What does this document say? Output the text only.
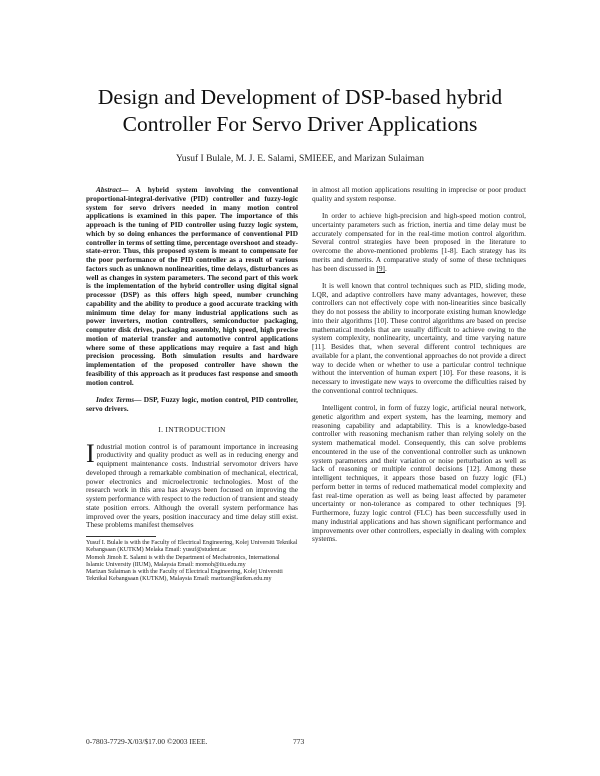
Design and Development of DSP-based hybrid
Controller For Servo Driver Applications
Yusuf I Bulale, M. J. E. Salami, SMIEEE, and Marizan Sulaiman

Abstract— A hybrid system involving the conventional proportional-integral-derivative (PID) controller and fuzzy-logic system for servo drivers needed in many motion control applications is examined in this paper. The importance of this approach is the tuning of PID controller using fuzzy logic system, which by so doing enhances the performance of conventional PID controller in terms of setting time, percentage overshoot and steady-state-error. Thus, this proposed system is meant to compensate for the poor performance of the PID controller as a result of various factors such as unknown nonlinearities, time delays, disturbances as well as changes in system parameters. The second part of this work is the implementation of the hybrid controller using digital signal processor (DSP) as this offers high speed, number crunching capability and the ability to produce a good accurate tracking with minimum time delay for many industrial applications such as power inverters, motion controllers, semiconductor packaging, computer disk drives, packaging assembly, high speed, high precise motion of material transfer and automotive control applications where some of these applications may require a fast and high precision processing. Both simulation results and hardware implementation of the proposed controller have shown the feasibility of this approach as it produces fast response and smooth motion control.

Index Terms— DSP, Fuzzy logic, motion control, PID controller, servo drivers.

I. INTRODUCTION

Industrial motion control is of paramount importance in increasing productivity and quality product as well as in reducing energy and equipment maintenance costs. Industrial servomotor drivers have developed through a remarkable combination of mechanical, electrical, power electronics and microelectronic technologies. Most of the research work in this area has always been focused on improving the system performance with respect to the reduction of transient and steady state position errors. Although the overall system performance has improved over the years, position inaccuracy and time delay still exist. These problems manifest themselves

Yusuf I. Bulale is with the Faculty of Electrical Engineering, Kolej Universiti Teknikal Kebangsaan (KUTKM) Melaka Email: yusuf@student.ac

Momoh Jimoh E. Salami is with the Department of Mechatronics, International Islamic University (IIUM), Malaysia Email: momoh@iiu.edu.my

Marizan Sulaiman is with the Faculty of Electrical Engineering, Kolej Universiti Teknikal Kebangsaan (KUTKM), Malaysia Email: marizan@kutkm.edu.my

in almost all motion applications resulting in imprecise or poor product quality and system response.

In order to achieve high-precision and high-speed motion control, uncertainty parameters such as friction, inertia and time delay must be accurately compensated for in the real-time motion control algorithm. Several control strategies have been proposed in the literature to overcome the above-mentioned problems [1-8]. Each strategy has its merits and demerits. A comparative study of some of these techniques has been discussed in [9].

It is well known that control techniques such as PID, sliding mode, LQR, and adaptive controllers have many advantages, however, these controllers can not effectively cope with non-linearities since basically they do not possess the ability to incorporate existing human knowledge into their algorithms [10]. These control algorithms are based on precise mathematical models that are usually difficult to achieve owing to the system complexity, nonlinearity, uncertainty, and time varying nature [11]. Besides that, when several different control techniques are available for a plant, the conventional approaches do not provide a direct way to decide when or whether to use a particular control technique without the intervention of human expert [10]. For these reasons, it is necessary to investigate new ways to overcome the difficulties raised by the conventional control techniques.

Intelligent control, in form of fuzzy logic, artificial neural network, genetic algorithm and expert system, has the learning, memory and reasoning capability and adaptability. This is a knowledge-based controller with reasoning mechanism rather than relying solely on the system mathematical model. Consequently, this can solve problems encountered in the use of the conventional controller such as unknown system parameters and their variation or noise perturbation as well as lack of reasoning or multiple control decisions [12]. Among these intelligent techniques, it appears those based on fuzzy logic (FL) perform better in terms of reduced mathematical model complexity and fast real-time operation as well as being least affected by parameter uncertainty or non-tolerance as compared to other techniques [9]. Furthermore, fuzzy logic control (FLC) has been successfully used in many industrial applications and has shown significant performance and improvements over other controllers, especially in dealing with complex systems.

0-7803-7729-X/03/$17.00 ©2003 IEEE.	773
